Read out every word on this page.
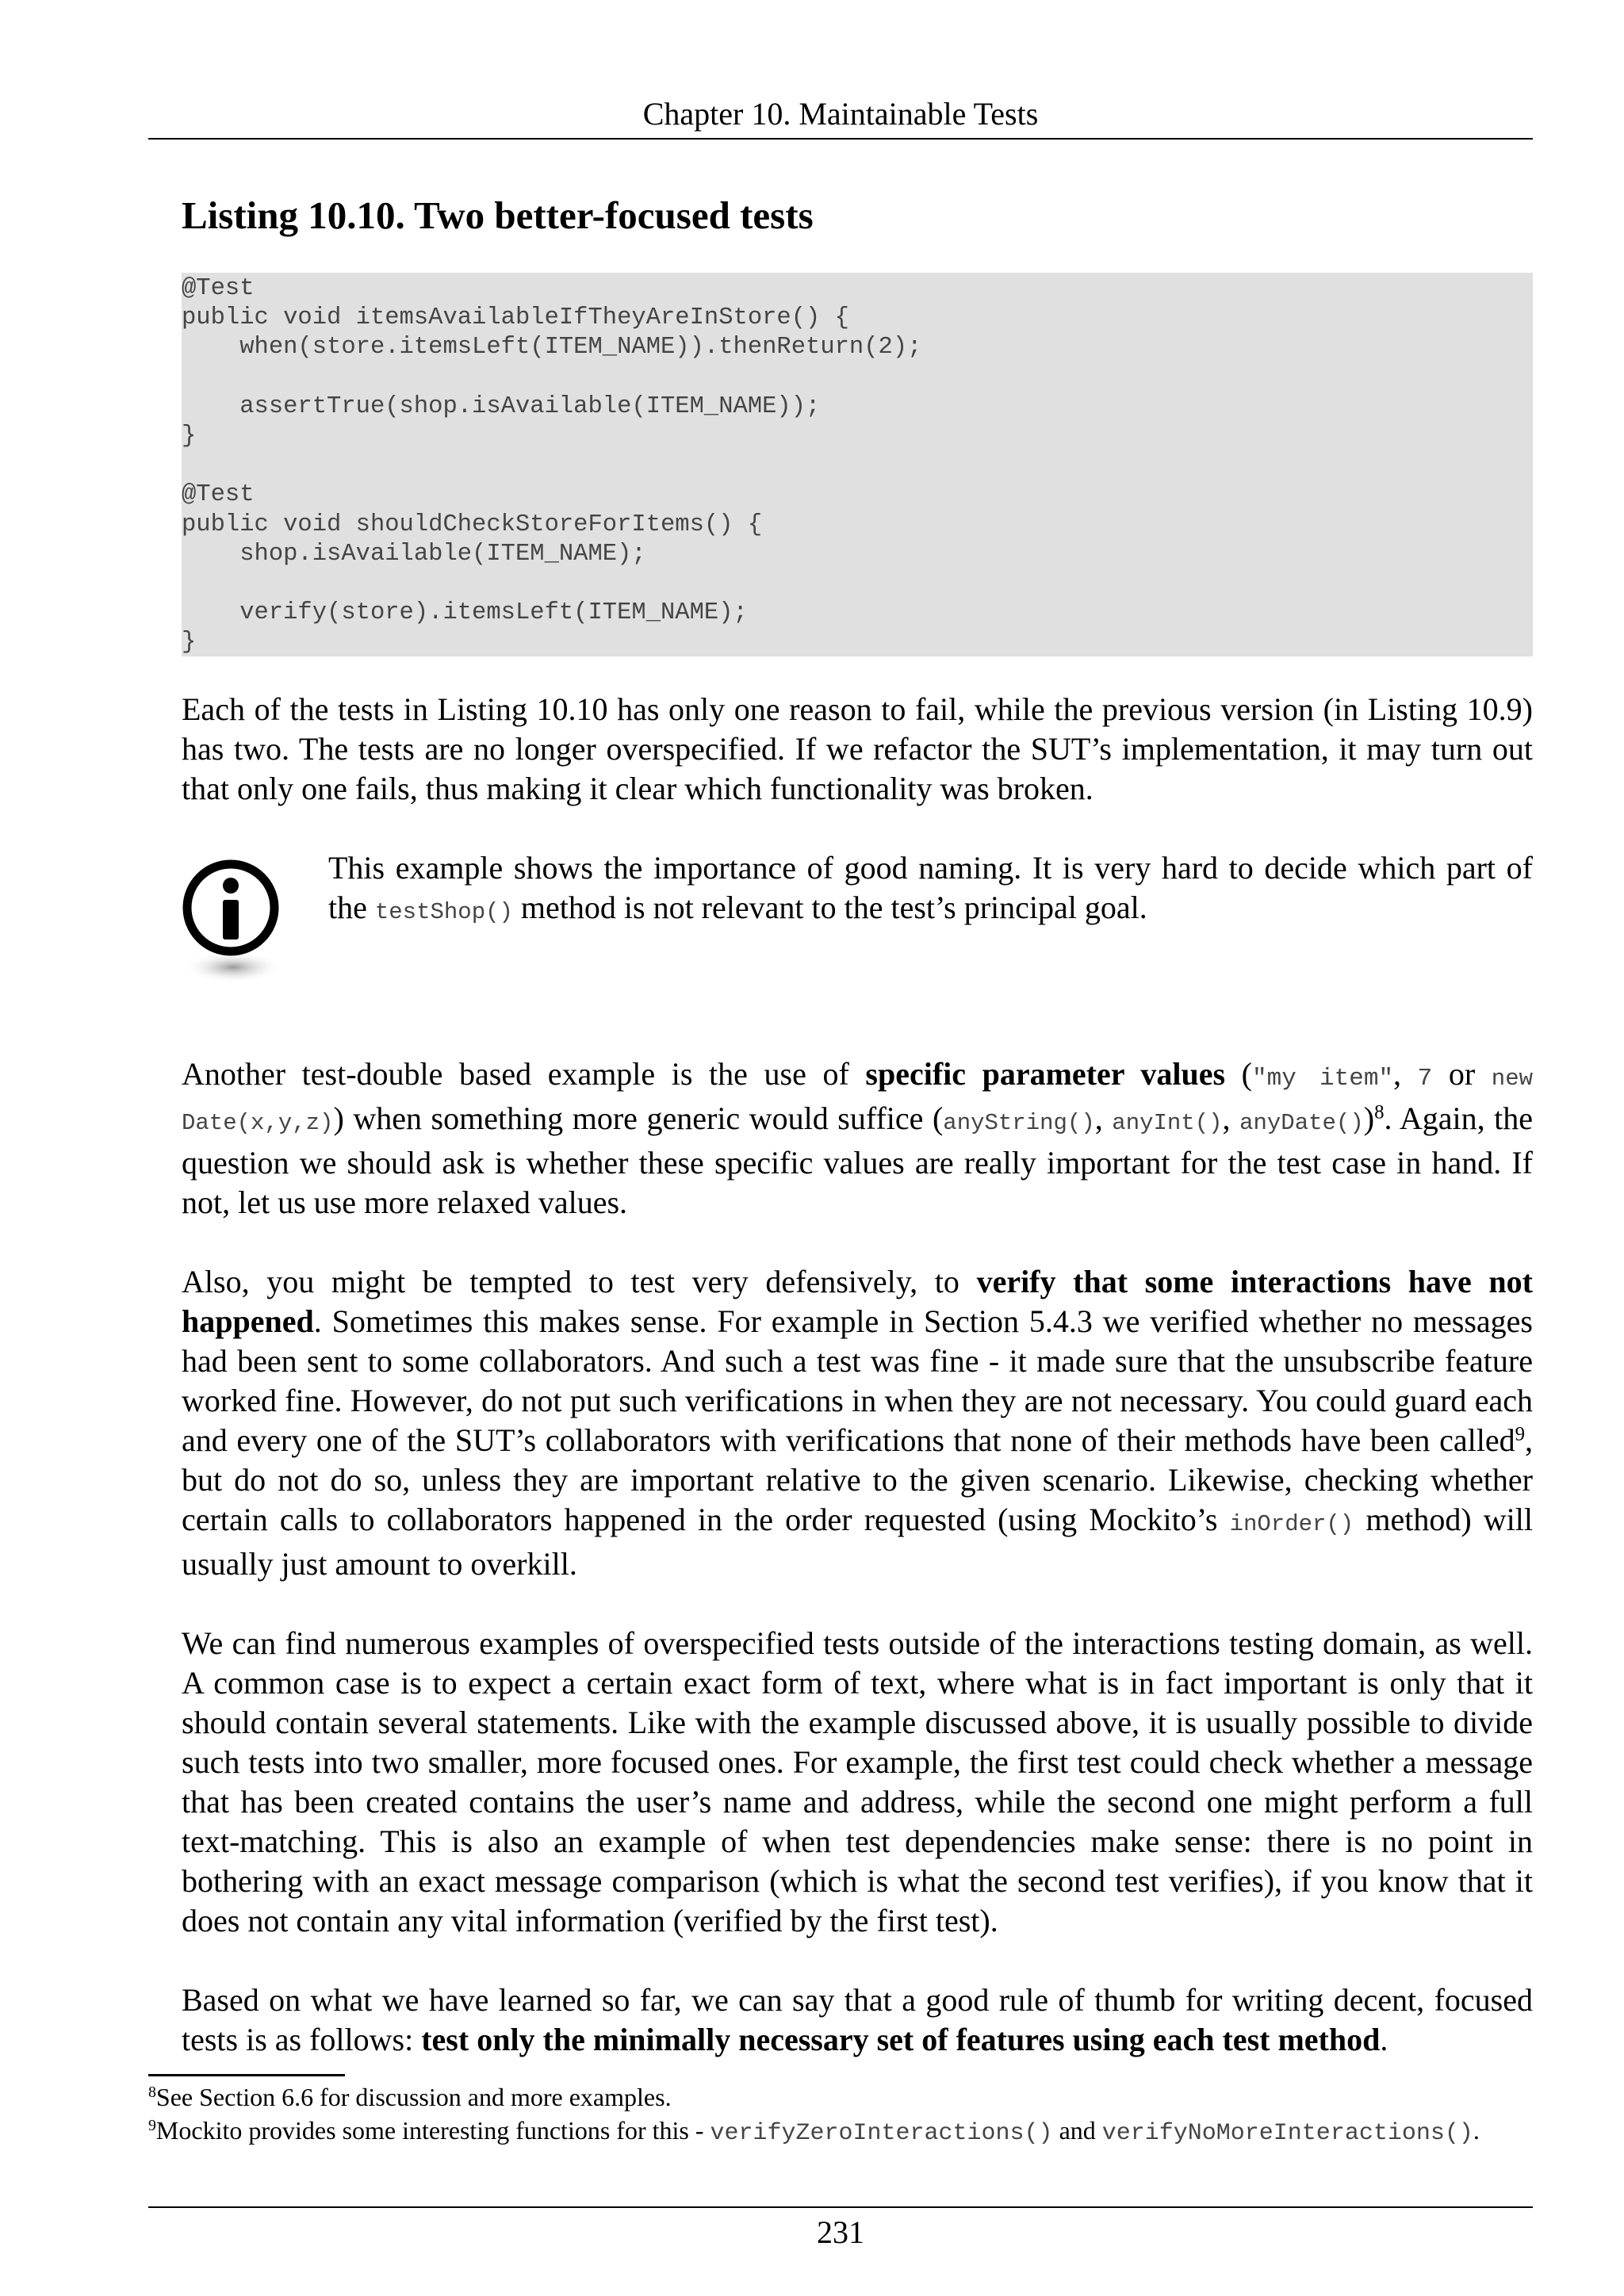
Chapter 10. Maintainable Tests
Listing 10.10. Two better-focused tests
@Test
public void itemsAvailableIfTheyAreInStore() {
when(store.itemsLeft(ITEM_NAME)).thenReturn(2);
assertTrue(shop.isAvailable(ITEM_NAME));
}
@Test
public void shouldCheckStoreForItems() {
shop.isAvailable(ITEM_NAME);
verify(store).itemsLeft(ITEM_NAME);
}

Each of the tests in Listing 10.10 has only one reason to fail, while the previous version (in Listing 10.9) has two. The tests are no longer overspecified. If we refactor the SUT’s implementation, it may turn out that only one fails, thus making it clear which functionality was broken.

This example shows the importance of good naming. It is very hard to decide which part of the testShop() method is not relevant to the test’s principal goal.

Another test-double based example is the use of specific parameter values ("my item", 7 or new Date(x,y,z)) when something more generic would suffice (anyString(), anyInt(), anyDate())$^8$. Again, the question we should ask is whether these specific values are really important for the test case in hand. If not, let us use more relaxed values.

Also, you might be tempted to test very defensively, to verify that some interactions have not happened. Sometimes this makes sense. For example in Section 5.4.3 we verified whether no messages had been sent to some collaborators. And such a test was fine - it made sure that the unsubscribe feature worked fine. However, do not put such verifications in when they are not necessary. You could guard each and every one of the SUT’s collaborators with verifications that none of their methods have been called$^9$, but do not do so, unless they are important relative to the given scenario. Likewise, checking whether certain calls to collaborators happened in the order requested (using Mockito’s inOrder() method) will usually just amount to overkill.

We can find numerous examples of overspecified tests outside of the interactions testing domain, as well. A common case is to expect a certain exact form of text, where what is in fact important is only that it should contain several statements. Like with the example discussed above, it is usually possible to divide such tests into two smaller, more focused ones. For example, the first test could check whether a message that has been created contains the user’s name and address, while the second one might perform a full text-matching. This is also an example of when test dependencies make sense: there is no point in bothering with an exact message comparison (which is what the second test verifies), if you know that it does not contain any vital information (verified by the first test).

Based on what we have learned so far, we can say that a good rule of thumb for writing decent, focused tests is as follows: test only the minimally necessary set of features using each test method.

$^8$See Section 6.6 for discussion and more examples.

$^9$Mockito provides some interesting functions for this - verifyZeroInteractions() and verifyNoMoreInteractions().

231
